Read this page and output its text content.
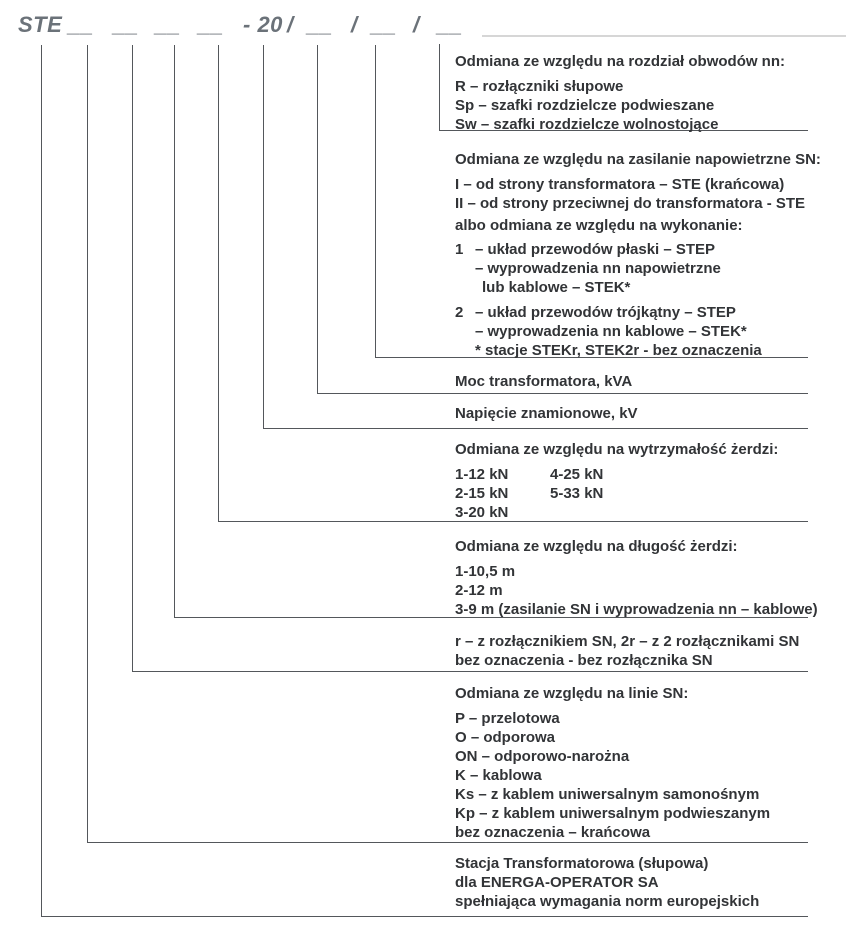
STE __ __ __ __ - 20 / __ / __ / __
Odmiana ze względu na rozdział obwodów nn:
R – rozłączniki słupowe
Sp – szafki rozdzielcze podwieszane
Sw – szafki rozdzielcze wolnostojące
Odmiana ze względu na zasilanie napowietrzne SN:
I – od strony transformatora – STE (krańcowa)
II – od strony przeciwnej do transformatora - STE
albo odmiana ze względu na wykonanie:
1 – układ przewodów płaski – STEP
– wyprowadzenia nn napowietrzne
lub kablowe – STEK*
2 – układ przewodów trójkątny – STEP
– wyprowadzenia nn kablowe – STEK*
* stacje STEKr, STEK2r - bez oznaczenia
Moc transformatora, kVA
Napięcie znamionowe, kV
Odmiana ze względu na wytrzymałość żerdzi:
1-12 kN
2-15 kN
3-20 kN
4-25 kN
5-33 kN
Odmiana ze względu na długość żerdzi:
1-10,5 m
2-12 m
3-9 m (zasilanie SN i wyprowadzenia nn – kablowe)
r – z rozłącznikiem SN, 2r – z 2 rozłącznikami SN
bez oznaczenia - bez rozłącznika SN
Odmiana ze względu na linie SN:
P – przelotowa
O – odporowa
ON – odporowo-narożna
K – kablowa
Ks – z kablem uniwersalnym samonośnym
Kp – z kablem uniwersalnym podwieszanym
bez oznaczenia – krańcowa
Stacja Transformatorowa (słupowa)
dla ENERGA-OPERATOR SA
spełniająca wymagania norm europejskich
